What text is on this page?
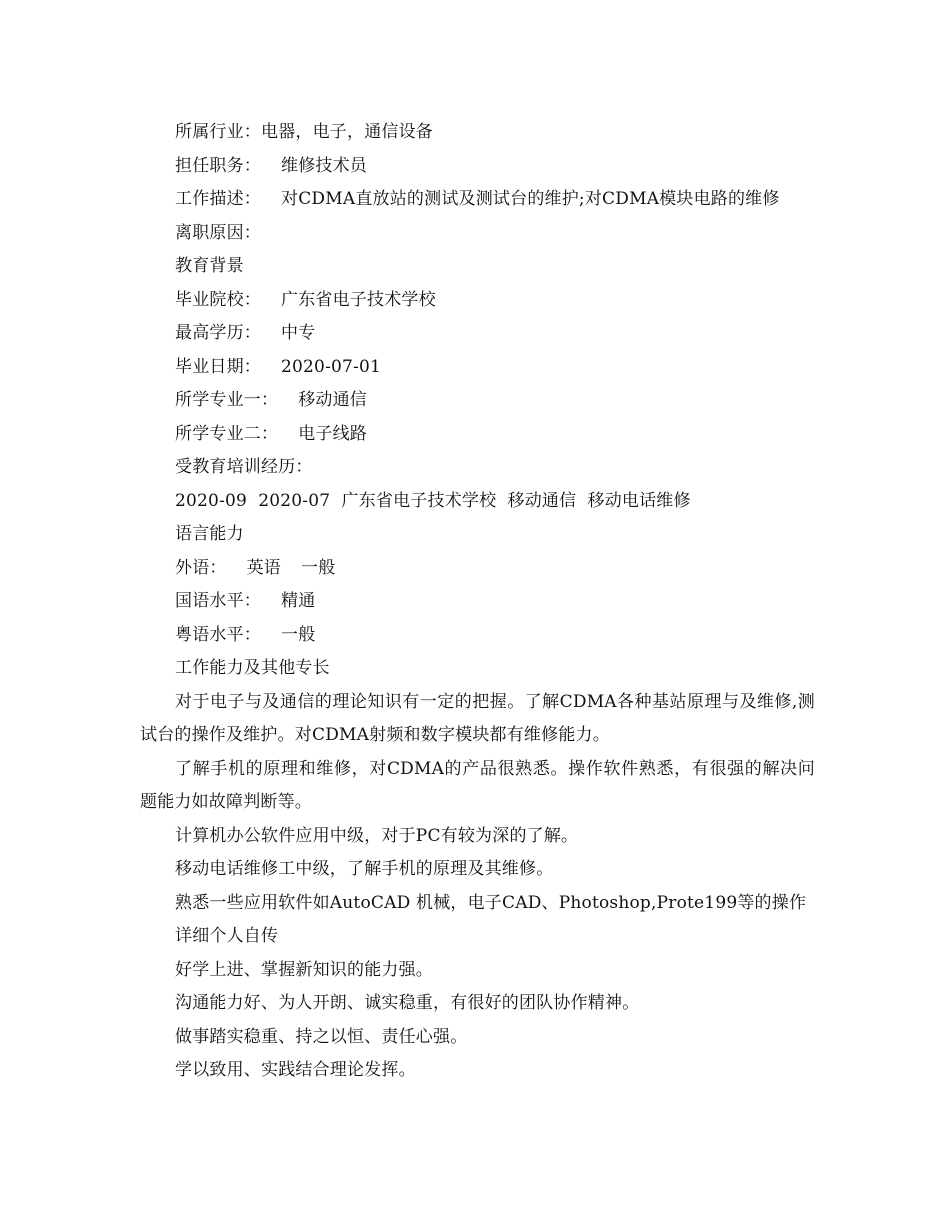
所属行业：电器，电子，通信设备
担任职务： 维修技术员
工作描述： 对CDMA直放站的测试及测试台的维护;对CDMA模块电路的维修
离职原因：
教育背景
毕业院校： 广东省电子技术学校
最高学历： 中专
毕业日期： 2020-07-01
所学专业一： 移动通信
所学专业二： 电子线路
受教育培训经历：
2020-09  2020-07  广东省电子技术学校  移动通信  移动电话维修
语言能力
外语： 英语 一般
国语水平： 精通
粤语水平： 一般
工作能力及其他专长

对于电子与及通信的理论知识有一定的把握。了解CDMA各种基站原理与及维修,测试台的操作及维护。对CDMA射频和数字模块都有维修能力。

了解手机的原理和维修，对CDMA的产品很熟悉。操作软件熟悉，有很强的解决问题能力如故障判断等。

计算机办公软件应用中级，对于PC有较为深的了解。

移动电话维修工中级，了解手机的原理及其维修。

熟悉一些应用软件如AutoCAD 机械，电子CAD、Photoshop,Prote199等的操作

详细个人自传
好学上进、掌握新知识的能力强。
沟通能力好、为人开朗、诚实稳重，有很好的团队协作精神。
做事踏实稳重、持之以恒、责任心强。
学以致用、实践结合理论发挥。
